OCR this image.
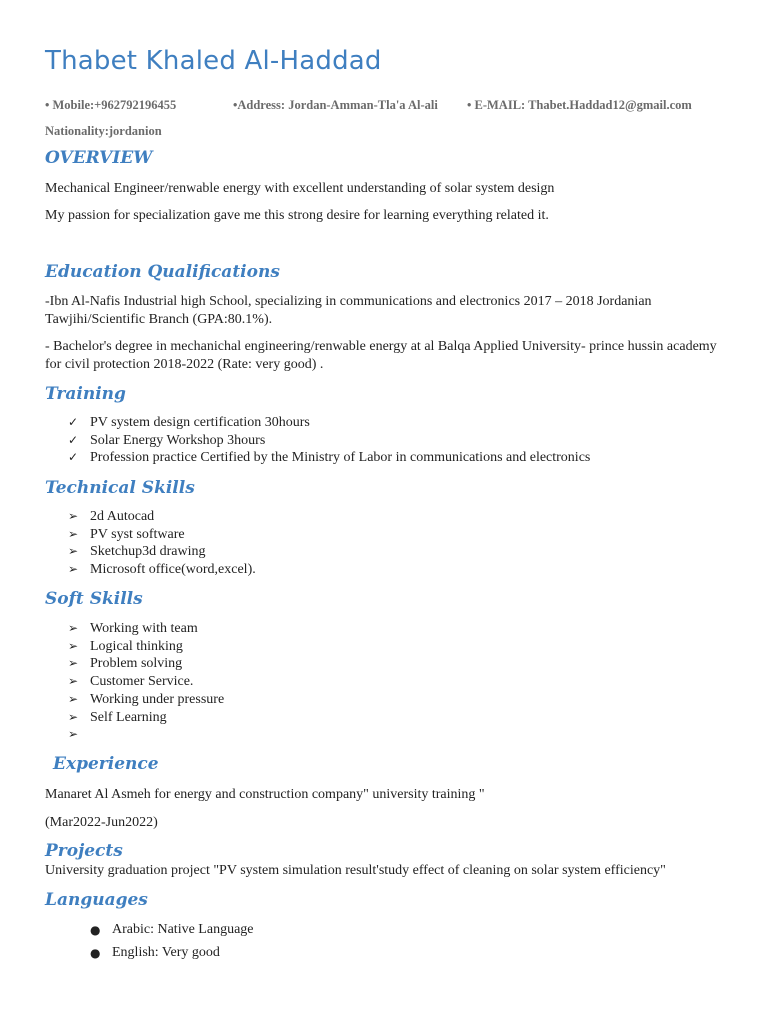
Thabet Khaled Al-Haddad
• Mobile:+962792196455	•Address: Jordan-Amman-Tla'a Al-ali • E-MAIL: Thabet.Haddad12@gmail.com
Nationality:jordanion
OVERVIEW

Mechanical Engineer/renwable energy with excellent understanding of solar system design

My passion for specialization gave me this strong desire for learning everything related it.

Education Qualifications

-Ibn Al-Nafis Industrial high School, specializing in communications and electronics 2017 – 2018 Jordanian Tawjihi/Scientific Branch (GPA:80.1%).

- Bachelor's degree in mechanichal engineering/renwable energy at al Balqa Applied University- prince hussin academy for civil protection 2018-2022 (Rate: very good) .

Training
✓ PV system design certification 30hours
✓ Solar Energy Workshop 3hours
✓ Profession practice Certified by the Ministry of Labor in communications and electronics
Technical Skills
➢ 2d Autocad
➢ PV syst software
➢ Sketchup3d drawing
➢ Microsoft office(word,excel).
Soft Skills
➢ Working with team
➢ Logical thinking
➢ Problem solving
➢ Customer Service.
➢ Working under pressure
➢ Self Learning
➢
Experience

Manaret Al Asmeh for energy and construction company" university training "

(Mar2022-Jun2022)

Projects

University graduation project "PV system simulation result'study effect of cleaning on solar system efficiency"

Languages
● Arabic: Native Language
● English: Very good
